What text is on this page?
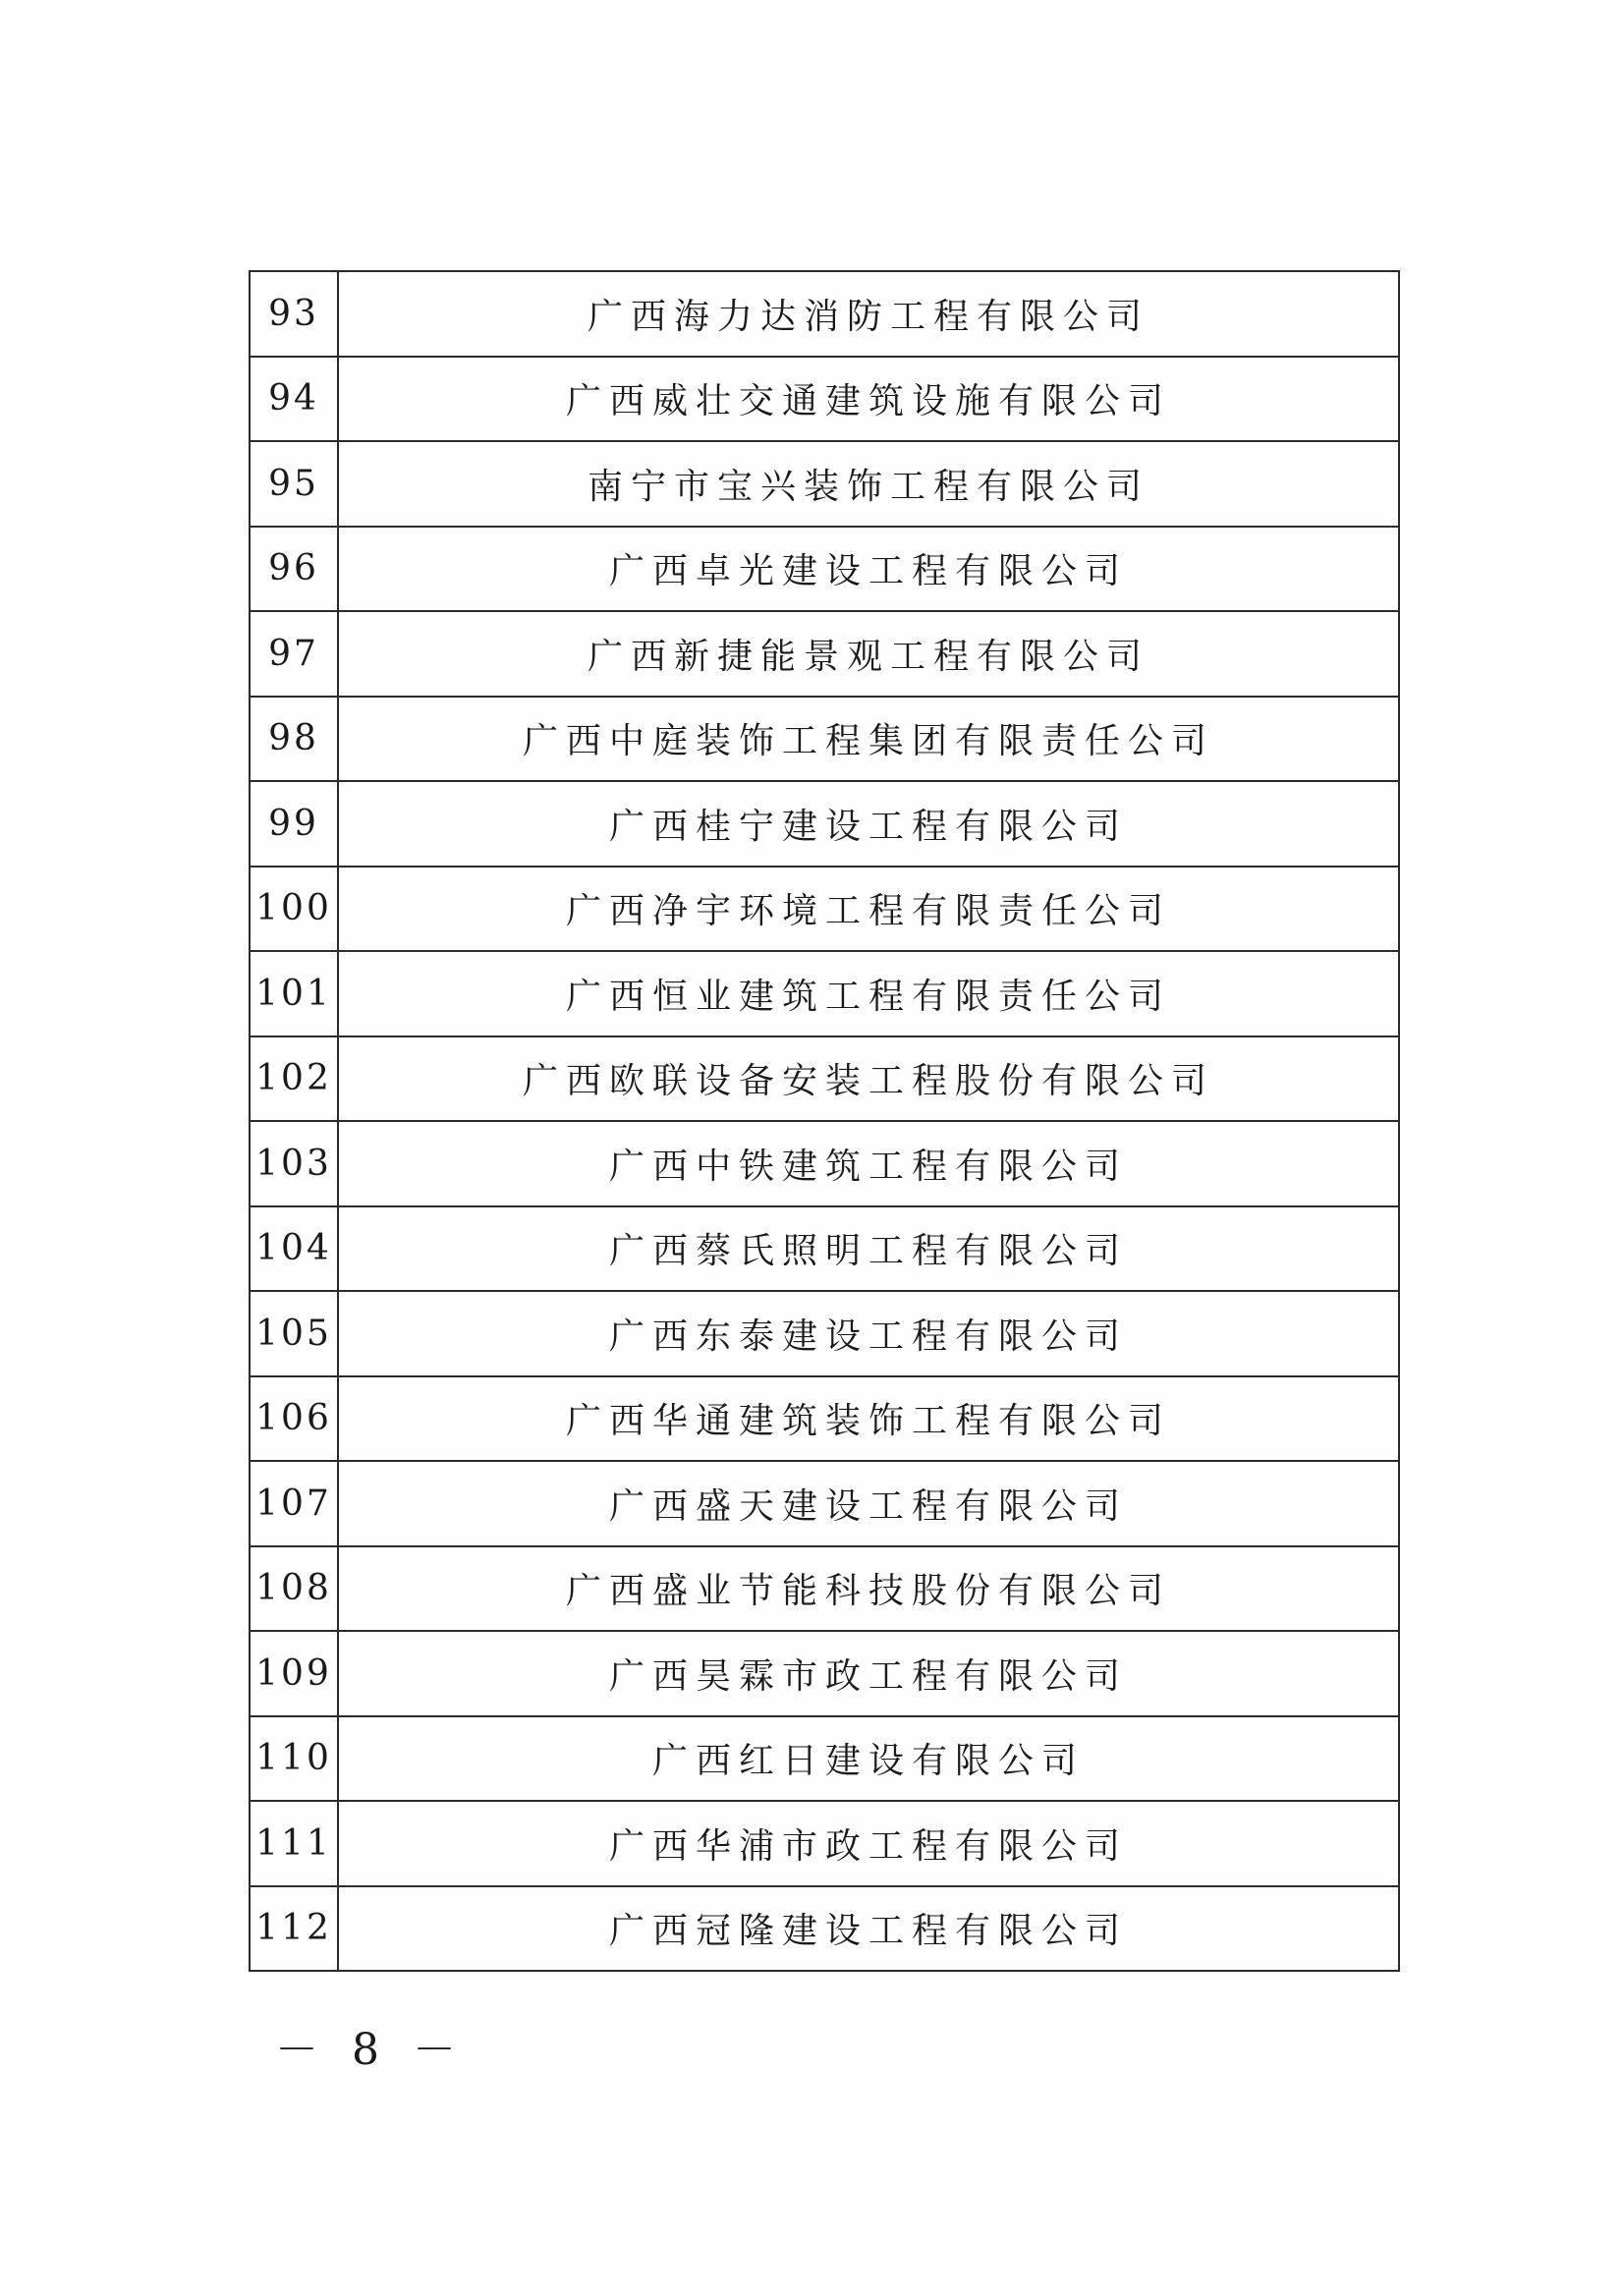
93	广西海力达消防工程有限公司
94	广西威壮交通建筑设施有限公司
95	南宁市宝兴装饰工程有限公司
96	广西卓光建设工程有限公司
97	广西新捷能景观工程有限公司
98	广西中庭装饰工程集团有限责任公司
99	广西桂宁建设工程有限公司
100	广西净宇环境工程有限责任公司
101	广西恒业建筑工程有限责任公司
102	广西欧联设备安装工程股份有限公司
103	广西中铁建筑工程有限公司
104	广西蔡氏照明工程有限公司
105	广西东泰建设工程有限公司
106	广西华通建筑装饰工程有限公司
107	广西盛天建设工程有限公司
108	广西盛业节能科技股份有限公司
109	广西昊霖市政工程有限公司
110	广西红日建设有限公司
111	广西华浦市政工程有限公司
112	广西冠隆建设工程有限公司
－ 8 －
